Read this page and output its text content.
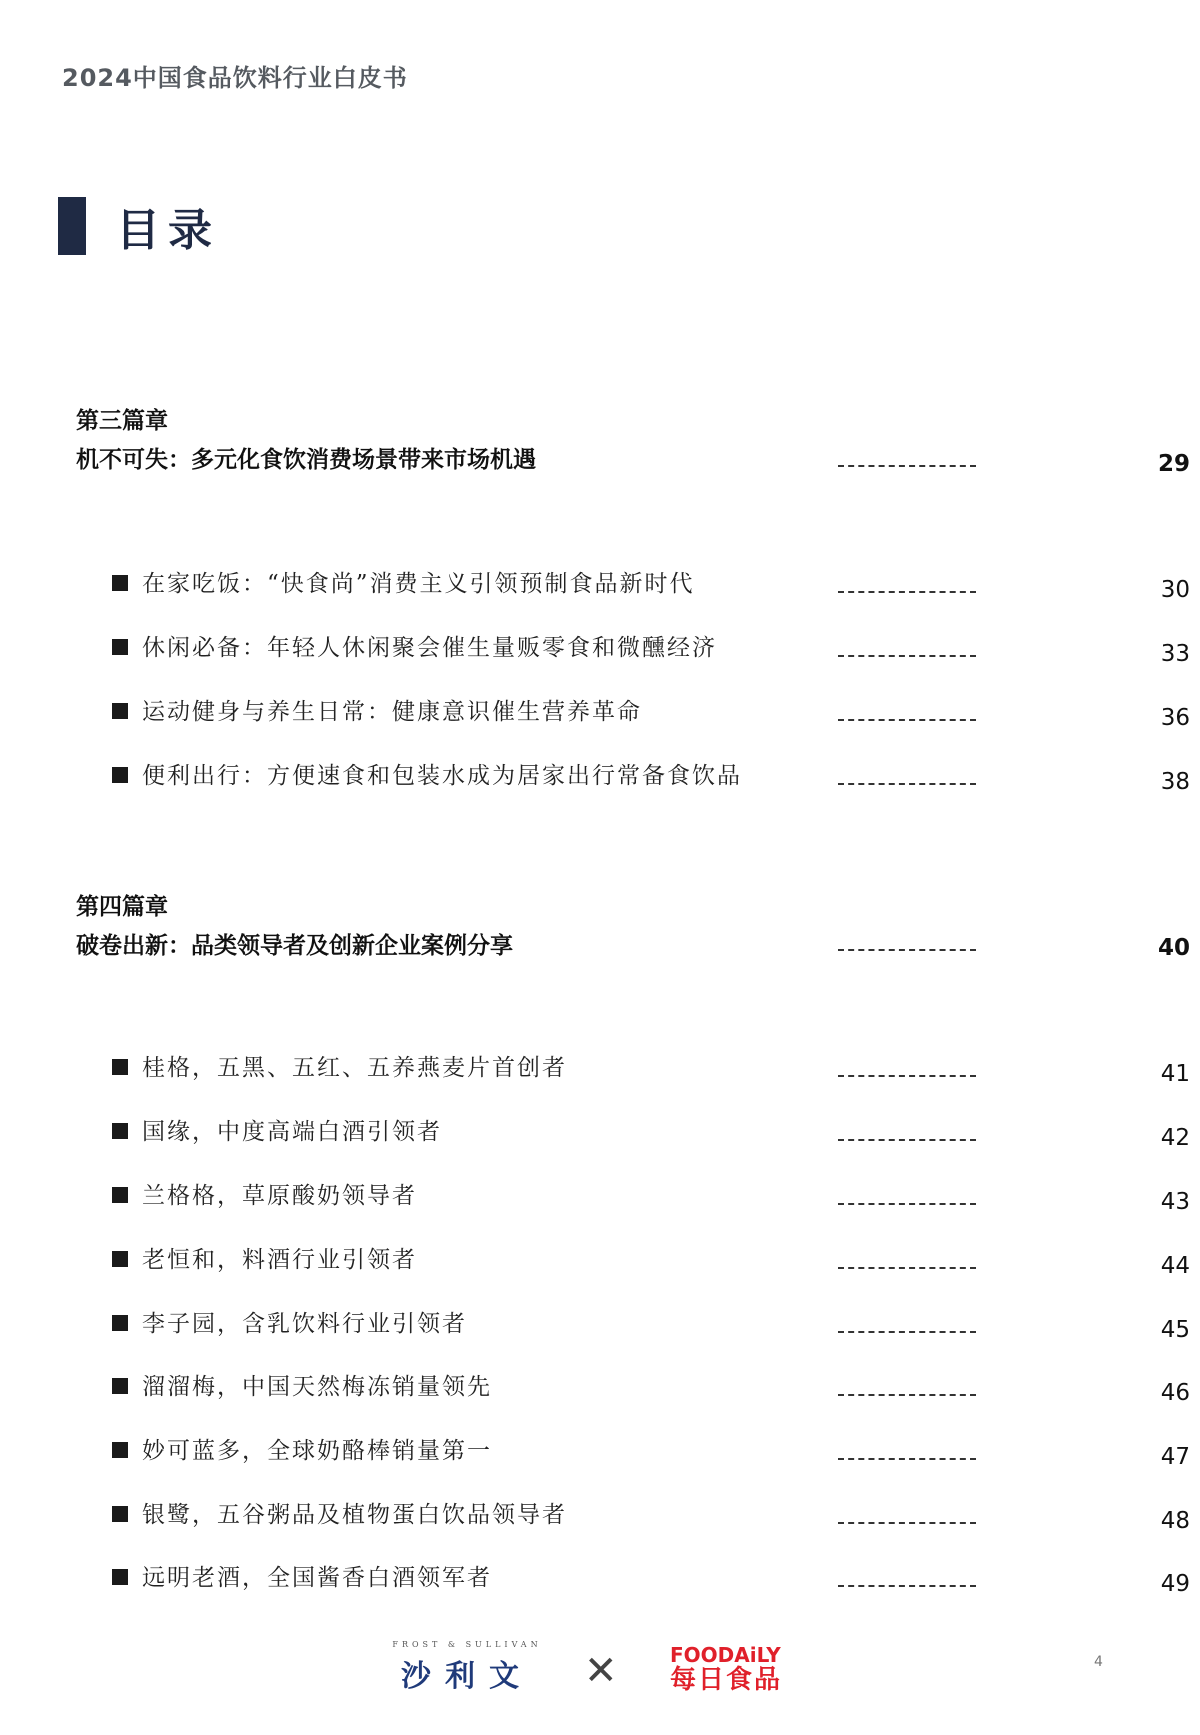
2024中国食品饮料行业白皮书
目录
第三篇章
机不可失：多元化食饮消费场景带来市场机遇	29
在家吃饭：“快食尚”消费主义引领预制食品新时代	30
休闲必备：年轻人休闲聚会催生量贩零食和微醺经济	33
运动健身与养生日常：健康意识催生营养革命	36
便利出行：方便速食和包装水成为居家出行常备食饮品	38
第四篇章
破卷出新：品类领导者及创新企业案例分享	40
桂格，五黑、五红、五养燕麦片首创者	41
国缘，中度高端白酒引领者	42
兰格格，草原酸奶领导者	43
老恒和，料酒行业引领者	44
李子园，含乳饮料行业引领者	45
溜溜梅，中国天然梅冻销量领先	46
妙可蓝多，全球奶酪棒销量第一	47
银鹭，五谷粥品及植物蛋白饮品领导者	48
远明老酒，全国酱香白酒领军者	49
FROST & SULLIVAN
沙利文	✕	FOODAiLY
每日食品
4
